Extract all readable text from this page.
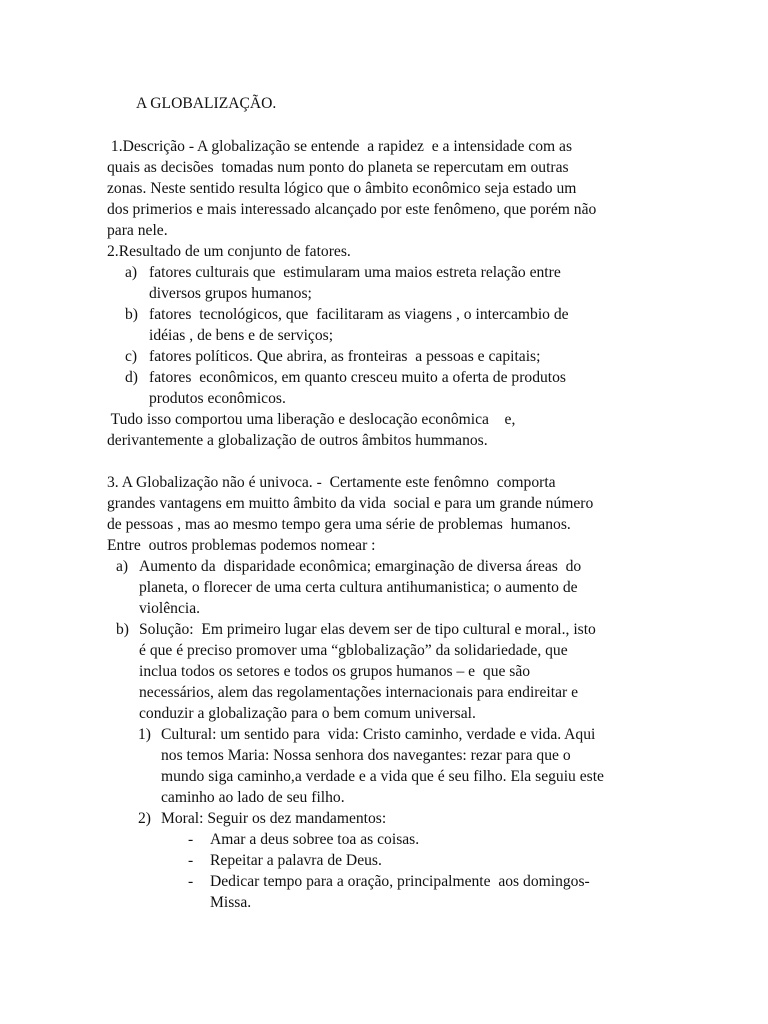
A GLOBALIZAÇÃO.
1.Descrição - A globalização se entende  a rapidez  e a intensidade com as
quais as decisões  tomadas num ponto do planeta se repercutam em outras
zonas. Neste sentido resulta lógico que o âmbito econômico seja estado um
dos primerios e mais interessado alcançado por este fenômeno, que porém não
para nele.
2.Resultado de um conjunto de fatores.
a) fatores culturais que  estimularam uma maios estreta relação entre
diversos grupos humanos;
b) fatores  tecnológicos, que  facilitaram as viagens , o intercambio de
idéias , de bens e de serviços;
c) fatores políticos. Que abrira, as fronteiras  a pessoas e capitais;
d) fatores  econômicos, em quanto cresceu muito a oferta de produtos
produtos econômicos.
Tudo isso comportou uma liberação e deslocação econômica    e,
derivantemente a globalização de outros âmbitos hummanos.
3. A Globalização não é univoca. -  Certamente este fenômno  comporta
grandes vantagens em muitto âmbito da vida  social e para um grande número
de pessoas , mas ao mesmo tempo gera uma série de problemas  humanos.
Entre  outros problemas podemos nomear :
a) Aumento da  disparidade econômica; emarginação de diversa áreas  do
planeta, o florecer de uma certa cultura antihumanistica; o aumento de
violência.
b) Solução:  Em primeiro lugar elas devem ser de tipo cultural e moral., isto
é que é preciso promover uma “gblobalização” da solidariedade, que
inclua todos os setores e todos os grupos humanos – e  que são
necessários, alem das regolamentações internacionais para endireitar e
conduzir a globalização para o bem comum universal.
1) Cultural: um sentido para  vida: Cristo caminho, verdade e vida. Aqui
nos temos Maria: Nossa senhora dos navegantes: rezar para que o
mundo siga caminho,a verdade e a vida que é seu filho. Ela seguiu este
caminho ao lado de seu filho.
2) Moral: Seguir os dez mandamentos:
- Amar a deus sobree toa as coisas.
- Repeitar a palavra de Deus.
- Dedicar tempo para a oração, principalmente  aos domingos-
Missa.
